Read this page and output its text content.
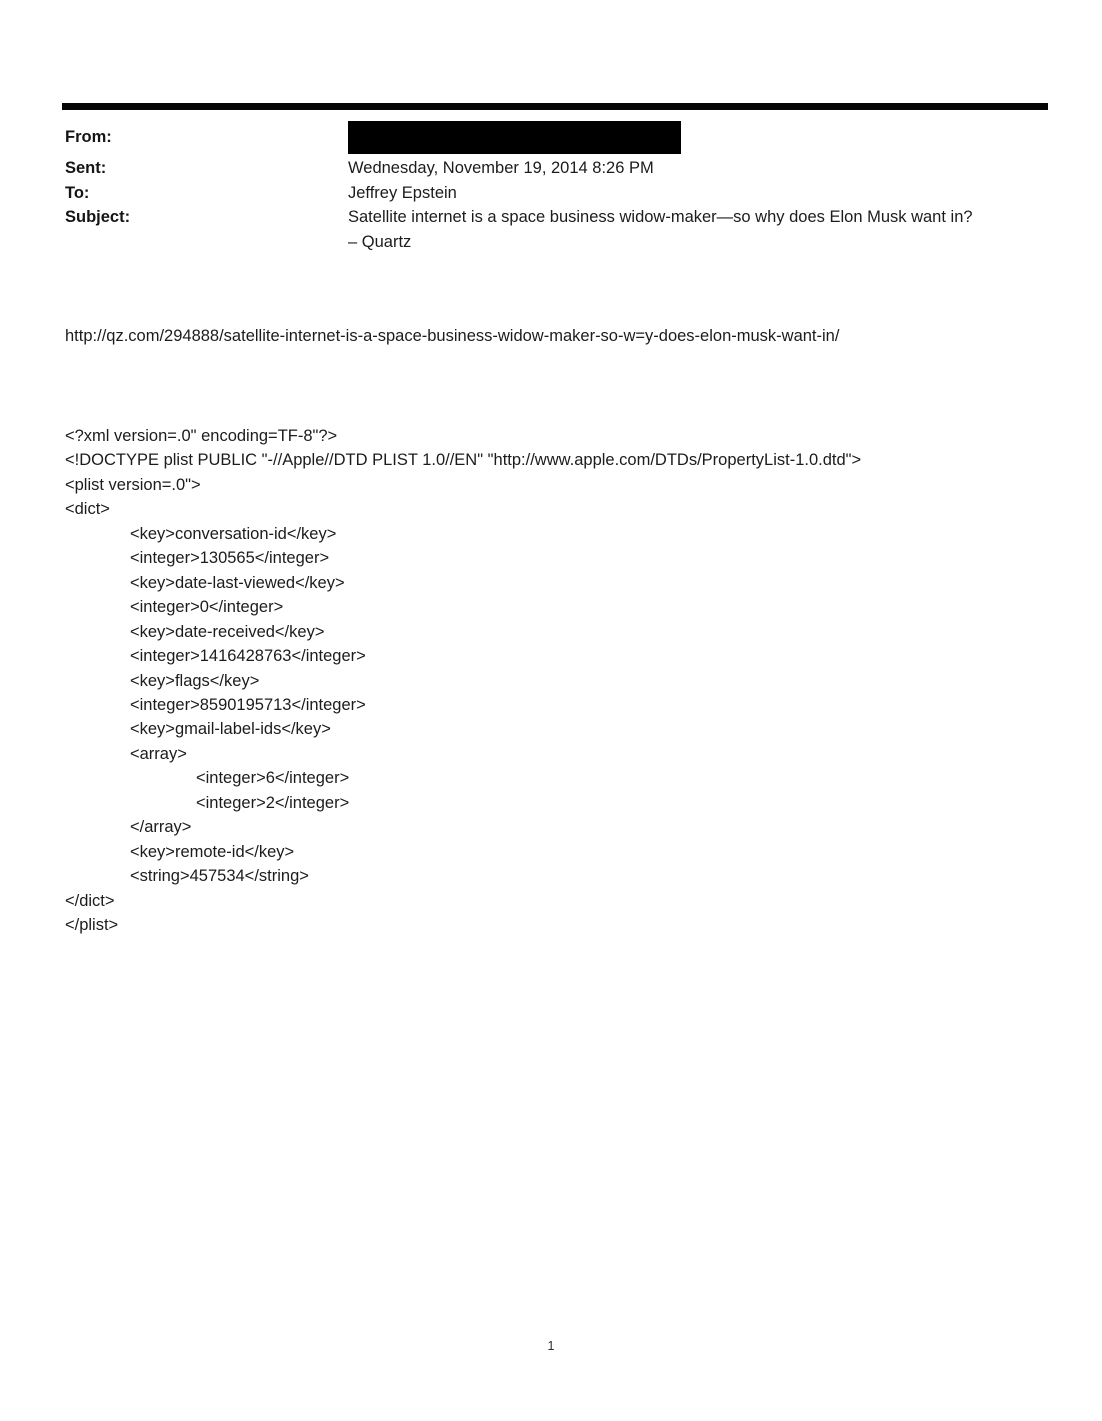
From:
Sent:	Wednesday, November 19, 2014 8:26 PM
To:	Jeffrey Epstein
Subject:	Satellite internet is a space business widow-maker—so why does Elon Musk want in?
– Quartz
http://qz.com/294888/satellite-internet-is-a-space-business-widow-maker-so-w=y-does-elon-musk-want-in/
<?xml version=.0" encoding=TF-8"?>
<!DOCTYPE plist PUBLIC "-//Apple//DTD PLIST 1.0//EN" "http://www.apple.com/DTDs/PropertyList-1.0.dtd">
<plist version=.0">
<dict>
<key>conversation-id</key>
<integer>130565</integer>
<key>date-last-viewed</key>
<integer>0</integer>
<key>date-received</key>
<integer>1416428763</integer>
<key>flags</key>
<integer>8590195713</integer>
<key>gmail-label-ids</key>
<array>
<integer>6</integer>
<integer>2</integer>
</array>
<key>remote-id</key>
<string>457534</string>
</dict>
</plist>
1
